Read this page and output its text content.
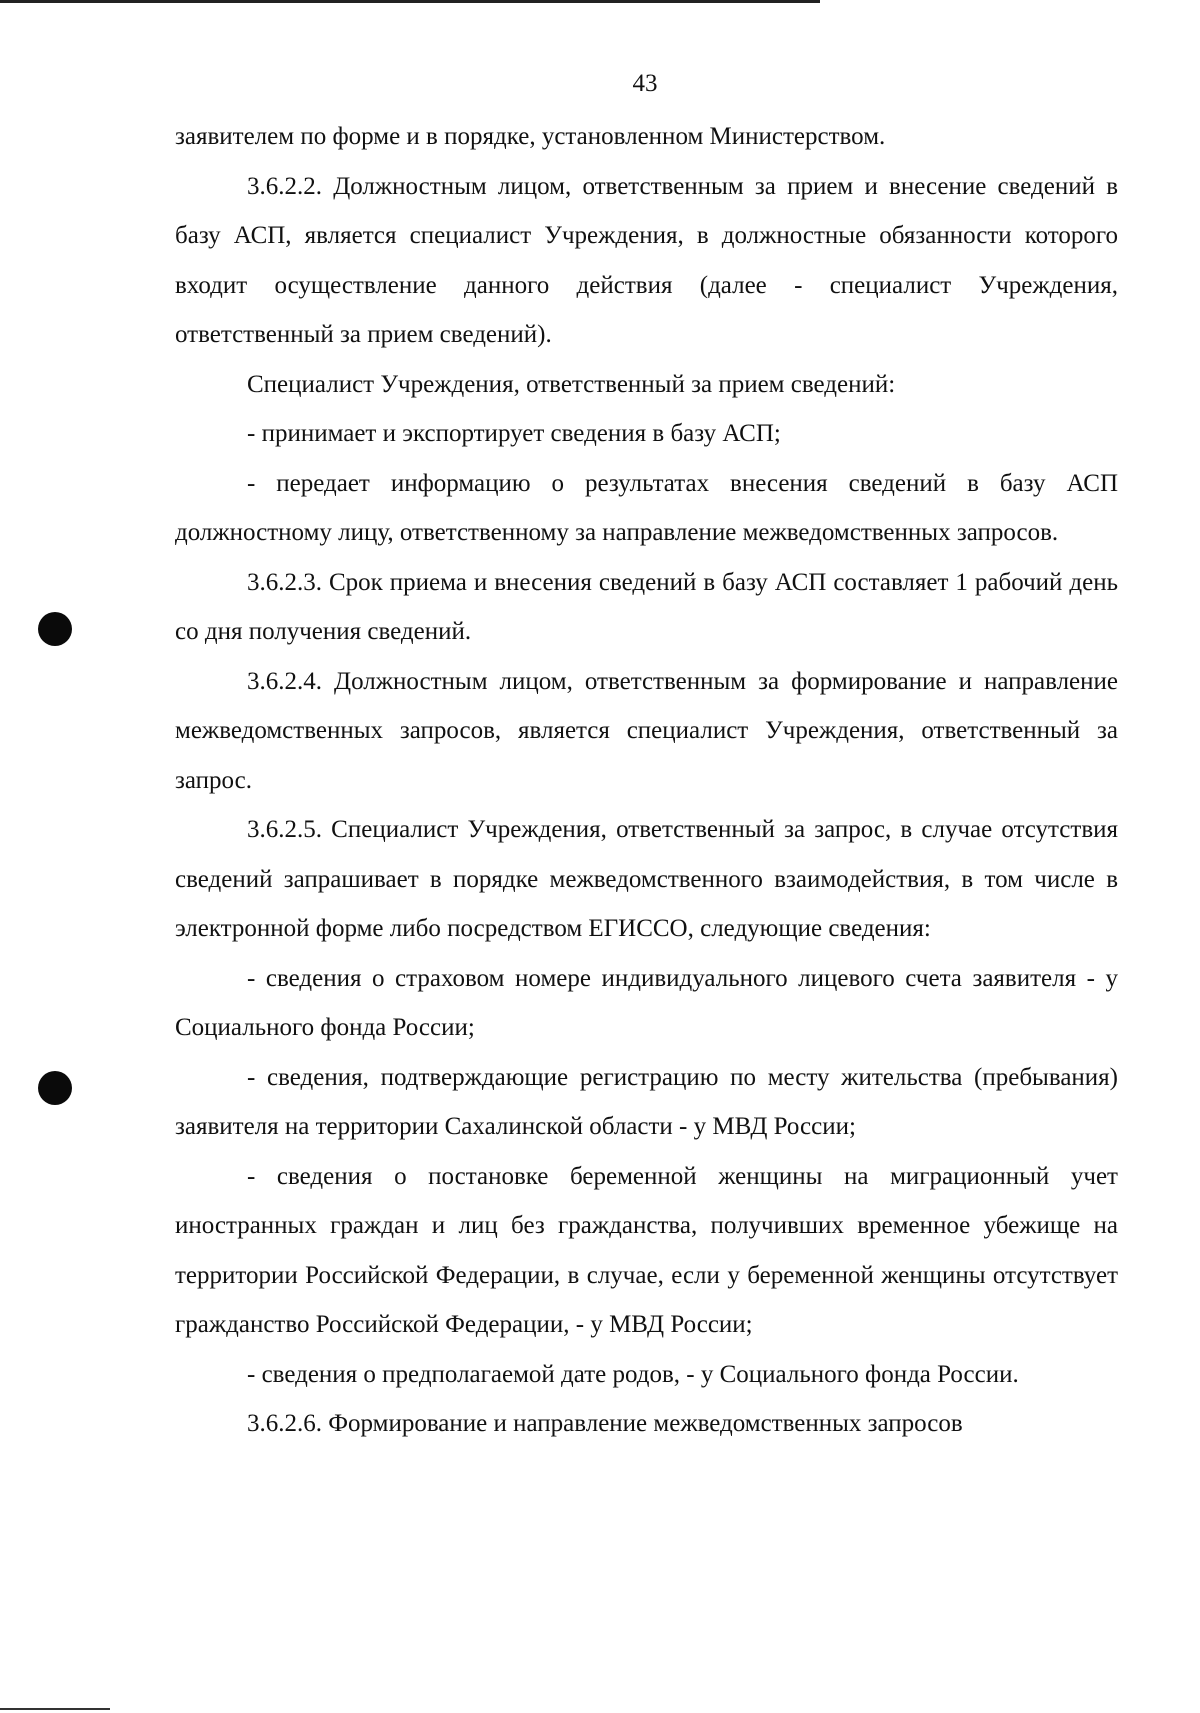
43

заявителем по форме и в порядке, установленном Министерством.

3.6.2.2. Должностным лицом, ответственным за прием и внесение сведений в базу АСП, является специалист Учреждения, в должностные обязанности которого входит осуществление данного действия (далее - специалист Учреждения, ответственный за прием сведений).

Специалист Учреждения, ответственный за прием сведений:

- принимает и экспортирует сведения в базу АСП;

- передает информацию о результатах внесения сведений в базу АСП должностному лицу, ответственному за направление межведомственных запросов.

3.6.2.3. Срок приема и внесения сведений в базу АСП составляет 1 рабочий день со дня получения сведений.

3.6.2.4. Должностным лицом, ответственным за формирование и направление межведомственных запросов, является специалист Учреждения, ответственный за запрос.

3.6.2.5. Специалист Учреждения, ответственный за запрос, в случае отсутствия сведений запрашивает в порядке межведомственного взаимодействия, в том числе в электронной форме либо посредством ЕГИССО, следующие сведения:

- сведения о страховом номере индивидуального лицевого счета заявителя - у Социального фонда России;

- сведения, подтверждающие регистрацию по месту жительства (пребывания) заявителя на территории Сахалинской области - у МВД России;

- сведения о постановке беременной женщины на миграционный учет иностранных граждан и лиц без гражданства, получивших временное убежище на территории Российской Федерации, в случае, если у беременной женщины отсутствует гражданство Российской Федерации, - у МВД России;

- сведения о предполагаемой дате родов, - у Социального фонда России.

3.6.2.6. Формирование и направление межведомственных запросов
